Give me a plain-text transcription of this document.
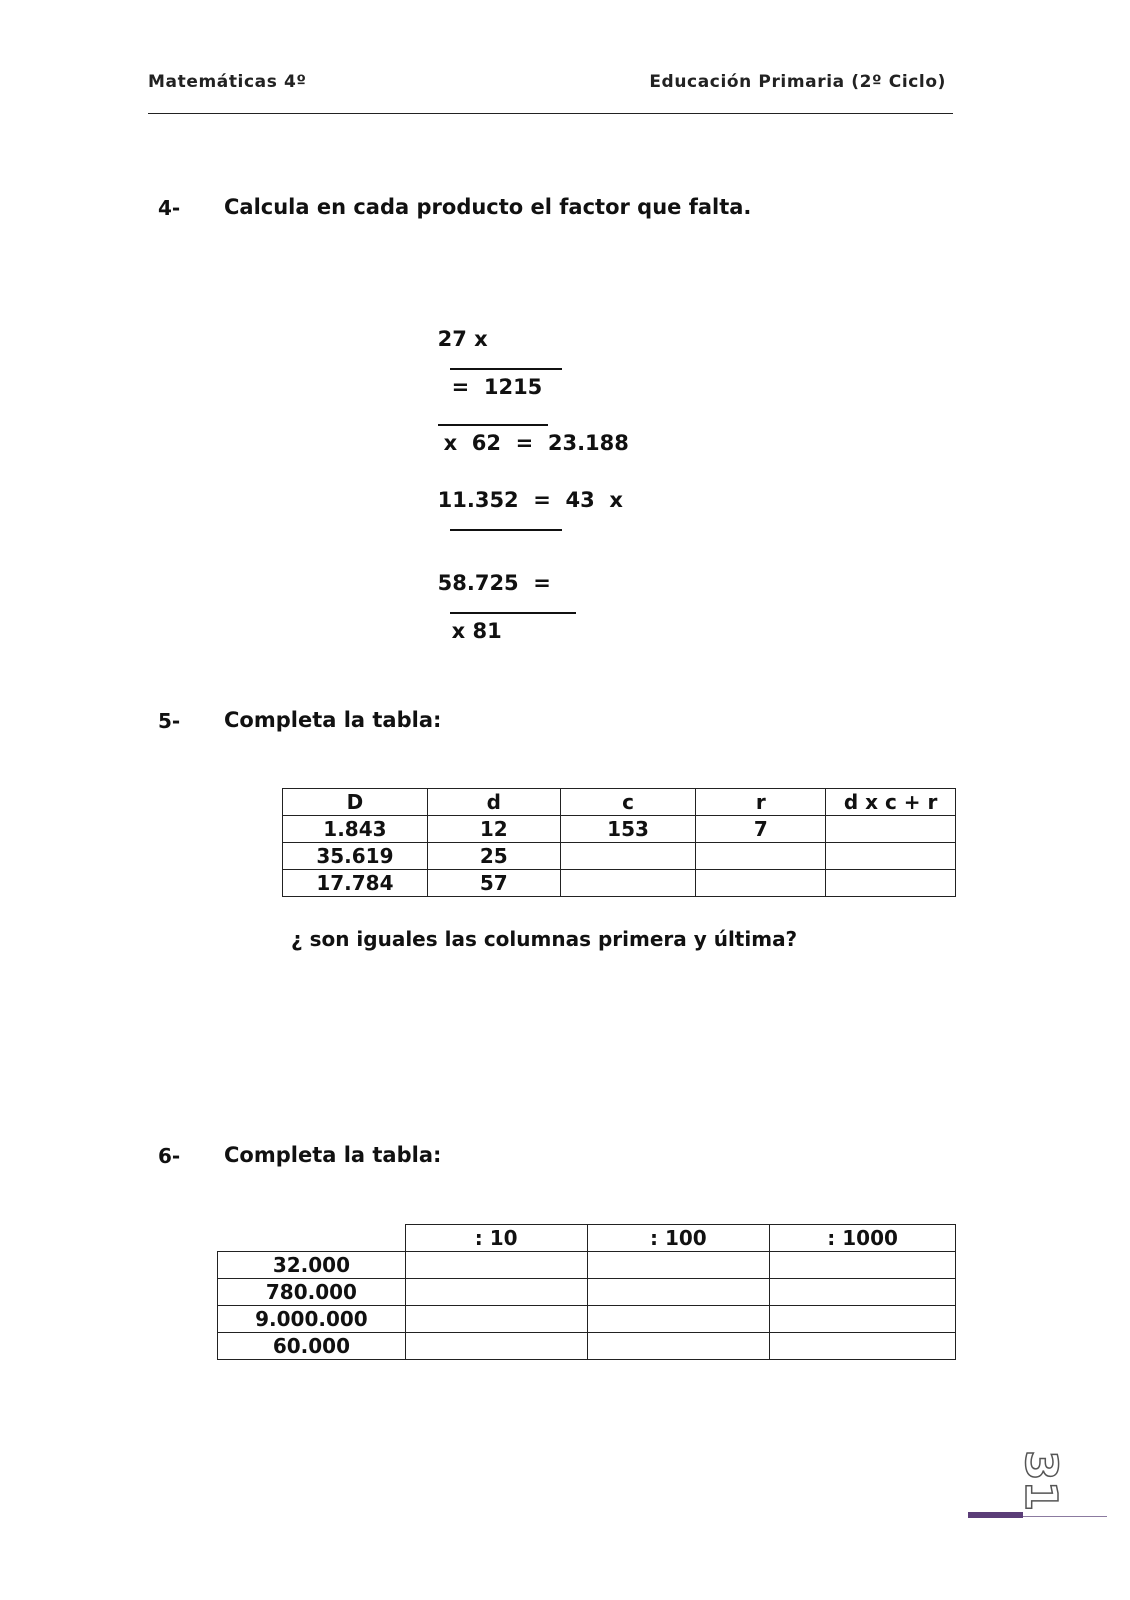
Matemáticas 4º	Educación Primaria (2º Ciclo)
4- Calcula en cada producto el factor que falta.

27 x

=  1215

x  62  =  23.188

11.352  =  43  x

58.725  =

x 81

5- Completa la tabla:
D	d	c	r	d x c + r
1.843	12	153	7	
35.619	25			
17.784	57			
¿ son iguales las columnas primera y última?
6- Completa la tabla:
	: 10	: 100	: 1000
32.000			
780.000			
9.000.000			
60.000			
31
